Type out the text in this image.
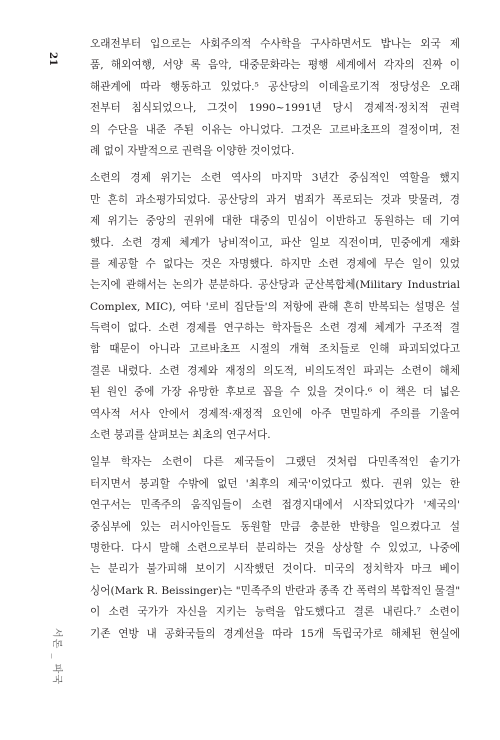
21
서론 _ 파국
오래전부터 입으로는 사회주의적 수사학을 구사하면서도 밥나는 외국 제
품, 해외여행, 서양 록 음악, 대중문화라는 평행 세계에서 각자의 진짜 이
해관계에 따라 행동하고 있었다.⁵ 공산당의 이데올로기적 정당성은 오래
전부터 침식되었으나, 그것이 1990~1991년 당시 경제적·정치적 권력
의 수단을 내준 주된 이유는 아니었다. 그것은 고르바초프의 결정이며, 전
례 없이 자발적으로 권력을 이양한 것이었다.
소련의 경제 위기는 소련 역사의 마지막 3년간 중심적인 역할을 했지
만 흔히 과소평가되었다. 공산당의 과거 범죄가 폭로되는 것과 맞물려, 경
제 위기는 중앙의 권위에 대한 대중의 민심이 이반하고 동원하는 데 기여
했다. 소련 경제 체계가 낭비적이고, 파산 일보 직전이며, 민중에게 재화
를 제공할 수 없다는 것은 자명했다. 하지만 소련 경제에 무슨 일이 있었
는지에 관해서는 논의가 분분하다. 공산당과 군산복합체(Military Industrial
Complex, MIC), 여타 '로비 집단들'의 저항에 관해 흔히 반복되는 설명은 설
득력이 없다. 소련 경제를 연구하는 학자들은 소련 경제 체계가 구조적 결
함 때문이 아니라 고르바초프 시절의 개혁 조치들로 인해 파괴되었다고
결론 내렸다. 소련 경제와 재정의 의도적, 비의도적인 파괴는 소련이 해체
된 원인 중에 가장 유망한 후보로 꼽을 수 있을 것이다.⁶ 이 책은 더 넓은
역사적 서사 안에서 경제적·재정적 요인에 아주 면밀하게 주의를 기울여
소련 붕괴를 살펴보는 최초의 연구서다.
일부 학자는 소련이 다른 제국들이 그랬던 것처럼 다민족적인 솥기가
터지면서 붕괴할 수밖에 없던 '최후의 제국'이었다고 썼다. 권위 있는 한
연구서는 민족주의 움직임들이 소련 접경지대에서 시작되었다가 '제국의'
중심부에 있는 러시아인들도 동원할 만큼 충분한 반향을 일으켰다고 설
명한다. 다시 말해 소련으로부터 분리하는 것을 상상할 수 있었고, 나중에
는 분리가 불가피해 보이기 시작했던 것이다. 미국의 정치학자 마크 베이
싱어(Mark R. Beissinger)는 "민족주의 반란과 종족 간 폭력의 복합적인 물결"
이 소련 국가가 자신을 지키는 능력을 압도했다고 결론 내린다.⁷ 소련이
기존 연방 내 공화국들의 경계선을 따라 15개 독립국가로 해체된 현실에
